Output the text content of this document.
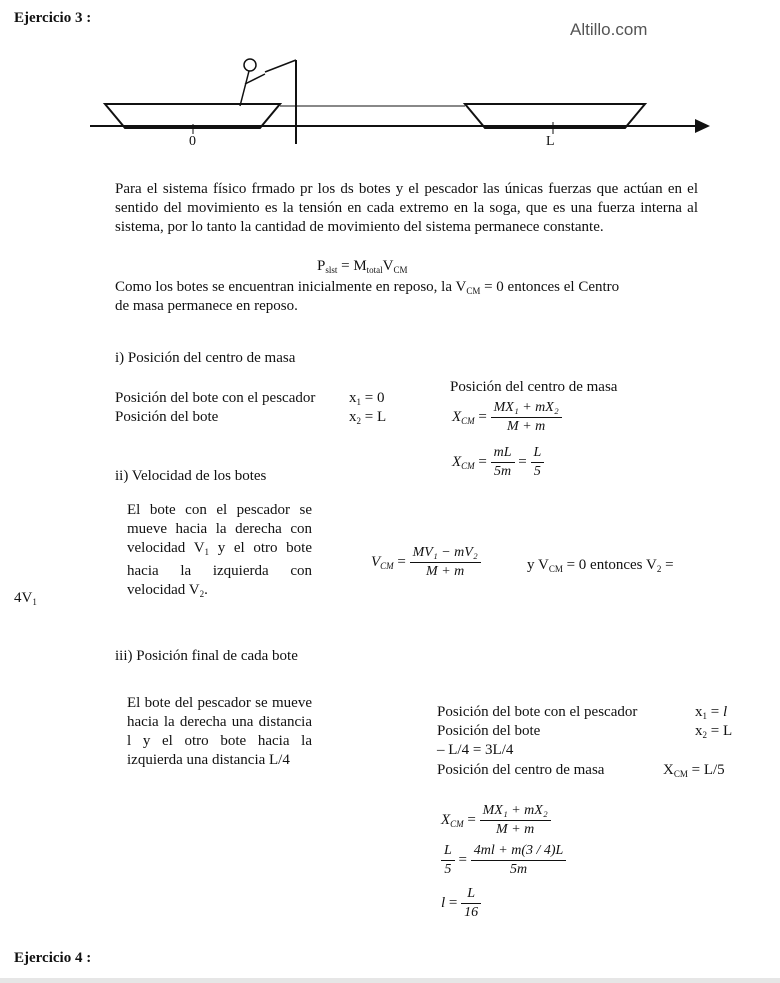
Ejercicio 3 :
Altillo.com
0	L
Para el sistema físico frmado pr los ds botes y el pescador las únicas fuerzas que actúan en el sentido del movimiento es la tensión en cada extremo en la soga, que es una fuerza interna al sistema, por lo tanto la cantidad de movimiento del sistema permanece constante.
$P_{slst} = M_{total}V_{CM}$
Como los botes se encuentran inicialmente en reposo, la $V_{CM} = 0$ entonces el Centro
de masa permanece en reposo.
i) Posición del centro de masa
Posición del bote con el pescador $x_1 = 0$
Posición del bote	$x_2 = L$
Posición del centro de masa
$X_{CM} = \frac{\text{MX₁ + mX₂}}{M + m}$
$X_{CM} = \frac{mL}{5m} = \frac{L}{5}$
ii) Velocidad de los botes
El bote con el pescador se mueve hacia la derecha con velocidad $V_1$ y el otro bote hacia la izquierda con velocidad $V_2$.
$V_{CM} = \frac{\text{MV₁ − mV₂}}{M + m}$	y $V_{CM} = 0$ entonces $V_2$ =
$4V_1$
iii) Posición final de cada bote
El bote del pescador se mueve hacia la derecha una distancia l y el otro bote hacia la izquierda una distancia L/4
Posición del bote con el pescador	$x_1 = l$
Posición del bote	$x_2 = L$
– L/4 = 3L/4
Posición del centro de masa	$X_{CM} = L/5$
$X_{CM} = \frac{\text{MX₁ + mX₂}}{M + m}$
$\frac{L}{5} = \frac{4ml + m(3 / 4)L}{5m}$
$l = \frac{L}{16}$
Ejercicio 4 :
